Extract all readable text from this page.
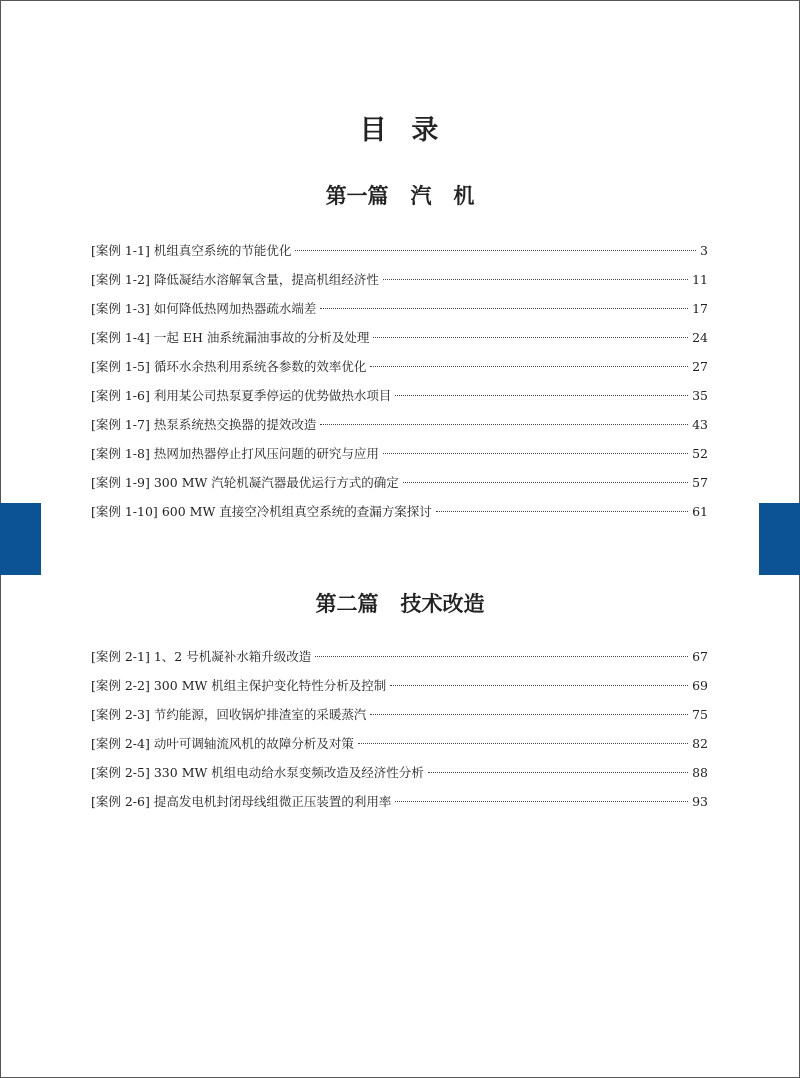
目  录
第一篇   汽   机
[案例 1-1] 机组真空系统的节能优化	3
[案例 1-2] 降低凝结水溶解氧含量，提高机组经济性	11
[案例 1-3] 如何降低热网加热器疏水端差	17
[案例 1-4] 一起 EH 油系统漏油事故的分析及处理	24
[案例 1-5] 循环水余热利用系统各参数的效率优化	27
[案例 1-6] 利用某公司热泵夏季停运的优势做热水项目	35
[案例 1-7] 热泵系统热交换器的提效改造	43
[案例 1-8] 热网加热器停止打风压问题的研究与应用	52
[案例 1-9] 300 MW 汽轮机凝汽器最优运行方式的确定	57
[案例 1-10] 600 MW 直接空冷机组真空系统的查漏方案探讨	61
第二篇   技术改造
[案例 2-1] 1、2 号机凝补水箱升级改造	67
[案例 2-2] 300 MW 机组主保护变化特性分析及控制	69
[案例 2-3] 节约能源，回收锅炉排渣室的采暖蒸汽	75
[案例 2-4] 动叶可调轴流风机的故障分析及对策	82
[案例 2-5] 330 MW 机组电动给水泵变频改造及经济性分析	88
[案例 2-6] 提高发电机封闭母线组微正压装置的利用率	93
